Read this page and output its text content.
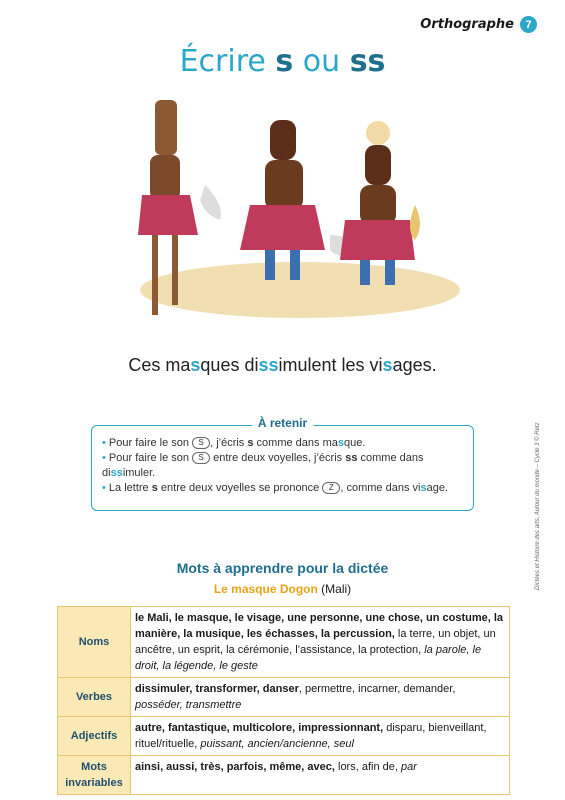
Orthographe	7
Écrire s ou ss
Ces masques dissimulent les visages.
À retenir
• Pour faire le son S , j’écris s comme dans masque.
• Pour faire le son S entre deux voyelles, j’écris ss comme dans dissimuler.
• La lettre s entre deux voyelles se prononce Z , comme dans visage.
Mots à apprendre pour la dictée
Le masque Dogon (Mali)
Noms	le Mali, le masque, le visage, une personne, une chose, un costume, la manière, la musique, les échasses, la percussion, la terre, un objet, un ancêtre, un esprit, la cérémonie, l’assistance, la protection, la parole, le droit, la légende, le geste
Verbes	dissimuler, transformer, danser, permettre, incarner, demander, posséder, transmettre
Adjectifs	autre, fantastique, multicolore, impressionnant, disparu, bienveillant, rituel/rituelle, puissant, ancien/ancienne, seul
Mots invariables	ainsi, aussi, très, parfois, même, avec, lors, afin de, par
Dictées et Histoire des arts, Autour du monde – Cycle 3 © Retz
